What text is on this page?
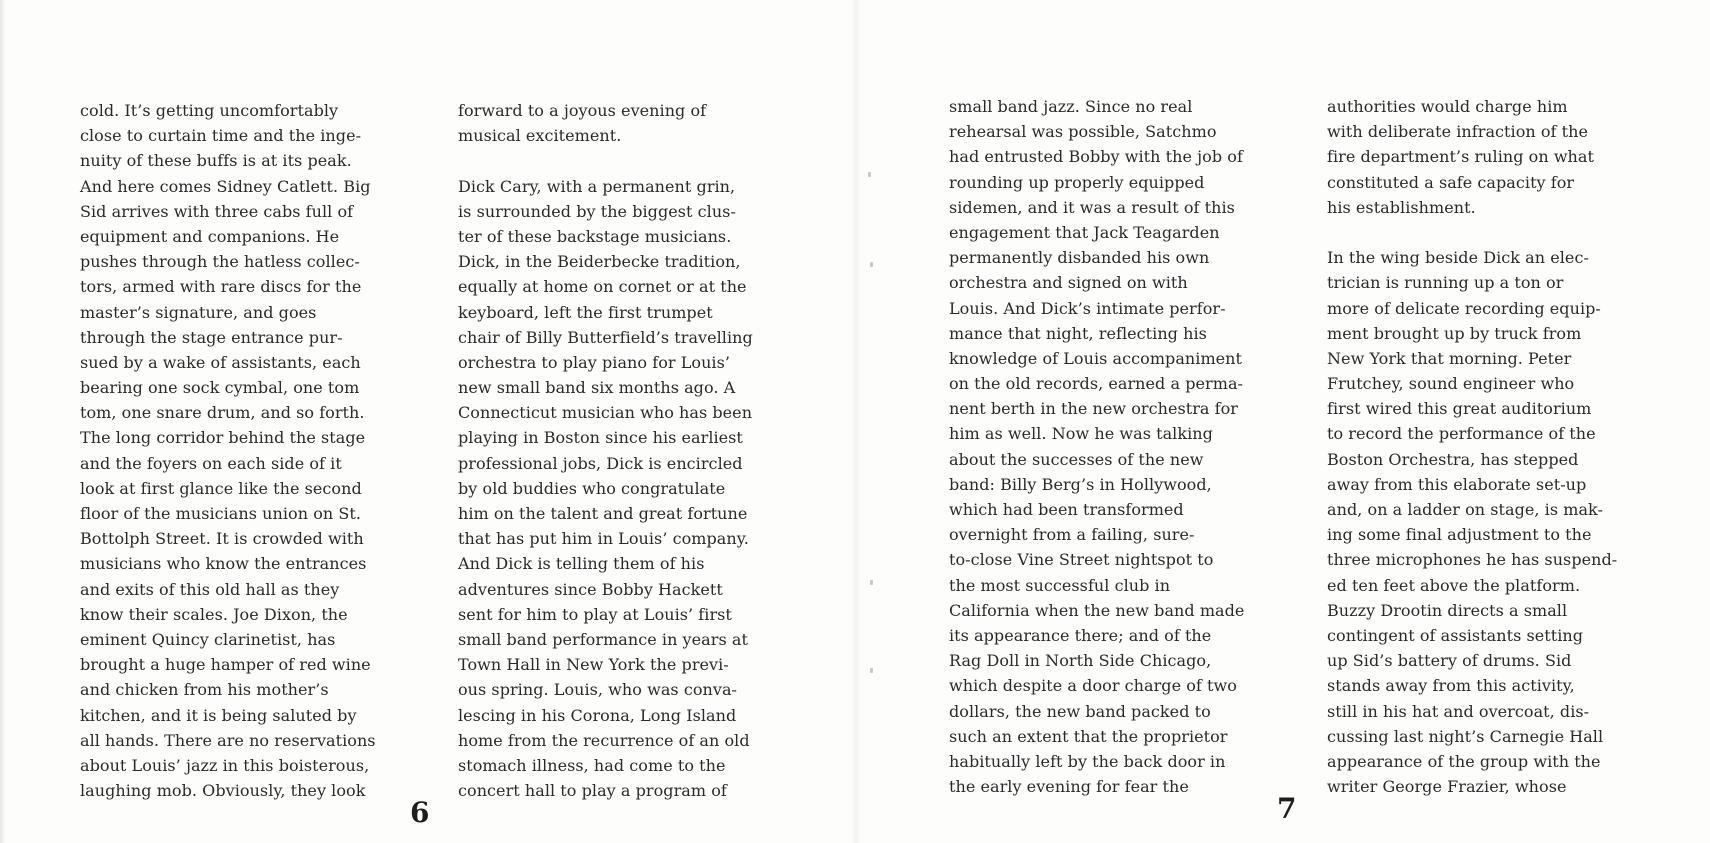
cold. It’s getting uncomfortably
close to curtain time and the inge-
nuity of these buffs is at its peak.
And here comes Sidney Catlett. Big
Sid arrives with three cabs full of
equipment and companions. He
pushes through the hatless collec-
tors, armed with rare discs for the
master’s signature, and goes
through the stage entrance pur-
sued by a wake of assistants, each
bearing one sock cymbal, one tom
tom, one snare drum, and so forth.
The long corridor behind the stage
and the foyers on each side of it
look at first glance like the second
floor of the musicians union on St.
Bottolph Street. It is crowded with
musicians who know the entrances
and exits of this old hall as they
know their scales. Joe Dixon, the
eminent Quincy clarinetist, has
brought a huge hamper of red wine
and chicken from his mother’s
kitchen, and it is being saluted by
all hands. There are no reservations
about Louis’ jazz in this boisterous,
laughing mob. Obviously, they look
forward to a joyous evening of
musical excitement.
Dick Cary, with a permanent grin,
is surrounded by the biggest clus-
ter of these backstage musicians.
Dick, in the Beiderbecke tradition,
equally at home on cornet or at the
keyboard, left the first trumpet
chair of Billy Butterfield’s travelling
orchestra to play piano for Louis’
new small band six months ago. A
Connecticut musician who has been
playing in Boston since his earliest
professional jobs, Dick is encircled
by old buddies who congratulate
him on the talent and great fortune
that has put him in Louis’ company.
And Dick is telling them of his
adventures since Bobby Hackett
sent for him to play at Louis’ first
small band performance in years at
Town Hall in New York the previ-
ous spring. Louis, who was conva-
lescing in his Corona, Long Island
home from the recurrence of an old
stomach illness, had come to the
concert hall to play a program of
6
small band jazz. Since no real
rehearsal was possible, Satchmo
had entrusted Bobby with the job of
rounding up properly equipped
sidemen, and it was a result of this
engagement that Jack Teagarden
permanently disbanded his own
orchestra and signed on with
Louis. And Dick’s intimate perfor-
mance that night, reflecting his
knowledge of Louis accompaniment
on the old records, earned a perma-
nent berth in the new orchestra for
him as well. Now he was talking
about the successes of the new
band: Billy Berg’s in Hollywood,
which had been transformed
overnight from a failing, sure-
to-close Vine Street nightspot to
the most successful club in
California when the new band made
its appearance there; and of the
Rag Doll in North Side Chicago,
which despite a door charge of two
dollars, the new band packed to
such an extent that the proprietor
habitually left by the back door in
the early evening for fear the
authorities would charge him
with deliberate infraction of the
fire department’s ruling on what
constituted a safe capacity for
his establishment.
In the wing beside Dick an elec-
trician is running up a ton or
more of delicate recording equip-
ment brought up by truck from
New York that morning. Peter
Frutchey, sound engineer who
first wired this great auditorium
to record the performance of the
Boston Orchestra, has stepped
away from this elaborate set-up
and, on a ladder on stage, is mak-
ing some final adjustment to the
three microphones he has suspend-
ed ten feet above the platform.
Buzzy Drootin directs a small
contingent of assistants setting
up Sid’s battery of drums. Sid
stands away from this activity,
still in his hat and overcoat, dis-
cussing last night’s Carnegie Hall
appearance of the group with the
writer George Frazier, whose
7
